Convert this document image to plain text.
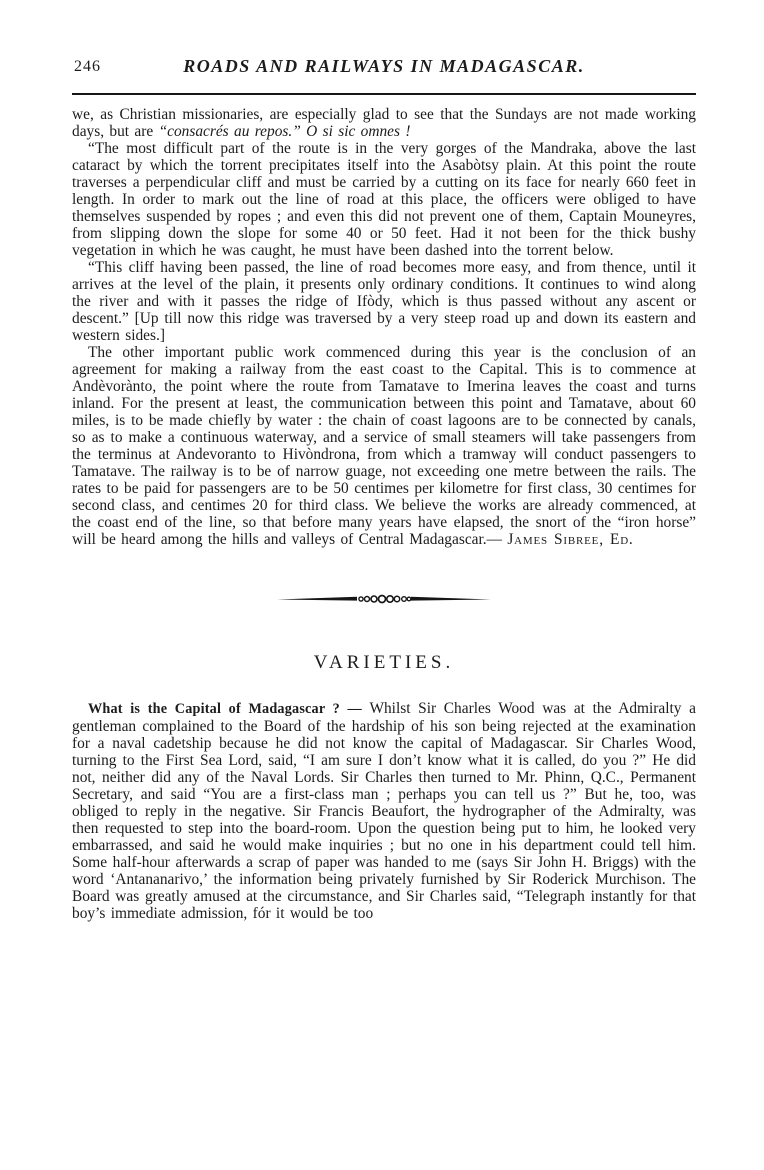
246	ROADS AND RAILWAYS IN MADAGASCAR.

we, as Christian missionaries, are especially glad to see that the Sundays are not made working days, but are “consacrés au repos.” O si sic omnes !

“The most difficult part of the route is in the very gorges of the Mandraka, above the last cataract by which the torrent precipitates itself into the Asabòtsy plain. At this point the route traverses a perpendicular cliff and must be carried by a cutting on its face for nearly 660 feet in length. In order to mark out the line of road at this place, the officers were obliged to have themselves suspended by ropes ; and even this did not prevent one of them, Captain Mouneyres, from slipping down the slope for some 40 or 50 feet. Had it not been for the thick bushy vegetation in which he was caught, he must have been dashed into the torrent below.

“This cliff having been passed, the line of road becomes more easy, and from thence, until it arrives at the level of the plain, it presents only ordinary conditions. It continues to wind along the river and with it passes the ridge of Ifòdy, which is thus passed without any ascent or descent.” [Up till now this ridge was traversed by a very steep road up and down its eastern and western sides.]

The other important public work commenced during this year is the conclusion of an agreement for making a railway from the east coast to the Capital. This is to commence at Andèvorànto, the point where the route from Tamatave to Imerina leaves the coast and turns inland. For the present at least, the communication between this point and Tamatave, about 60 miles, is to be made chiefly by water : the chain of coast lagoons are to be connected by canals, so as to make a continuous waterway, and a service of small steamers will take passengers from the terminus at Andevoranto to Hivòndrona, from which a tramway will conduct passengers to Tamatave. The railway is to be of narrow guage, not exceeding one metre between the rails. The rates to be paid for passengers are to be 50 centimes per kilometre for first class, 30 centimes for second class, and centimes 20 for third class. We believe the works are already commenced, at the coast end of the line, so that before many years have elapsed, the snort of the “iron horse” will be heard among the hills and valleys of Central Madagascar.— James Sibree, Ed.

VARIETIES.

What is the Capital of Madagascar ? — Whilst Sir Charles Wood was at the Admiralty a gentleman complained to the Board of the hardship of his son being rejected at the examination for a naval cadetship because he did not know the capital of Madagascar. Sir Charles Wood, turning to the First Sea Lord, said, “I am sure I don’t know what it is called, do you ?” He did not, neither did any of the Naval Lords. Sir Charles then turned to Mr. Phinn, Q.C., Permanent Secretary, and said “You are a first-class man ; perhaps you can tell us ?” But he, too, was obliged to reply in the negative. Sir Francis Beaufort, the hydrographer of the Admiralty, was then requested to step into the board-room. Upon the question being put to him, he looked very embarrassed, and said he would make inquiries ; but no one in his department could tell him. Some half-hour afterwards a scrap of paper was handed to me (says Sir John H. Briggs) with the word ‘Antananarivo,’ the information being privately furnished by Sir Roderick Murchison. The Board was greatly amused at the circumstance, and Sir Charles said, “Telegraph instantly for that boy’s immediate admission, fór it would be too
